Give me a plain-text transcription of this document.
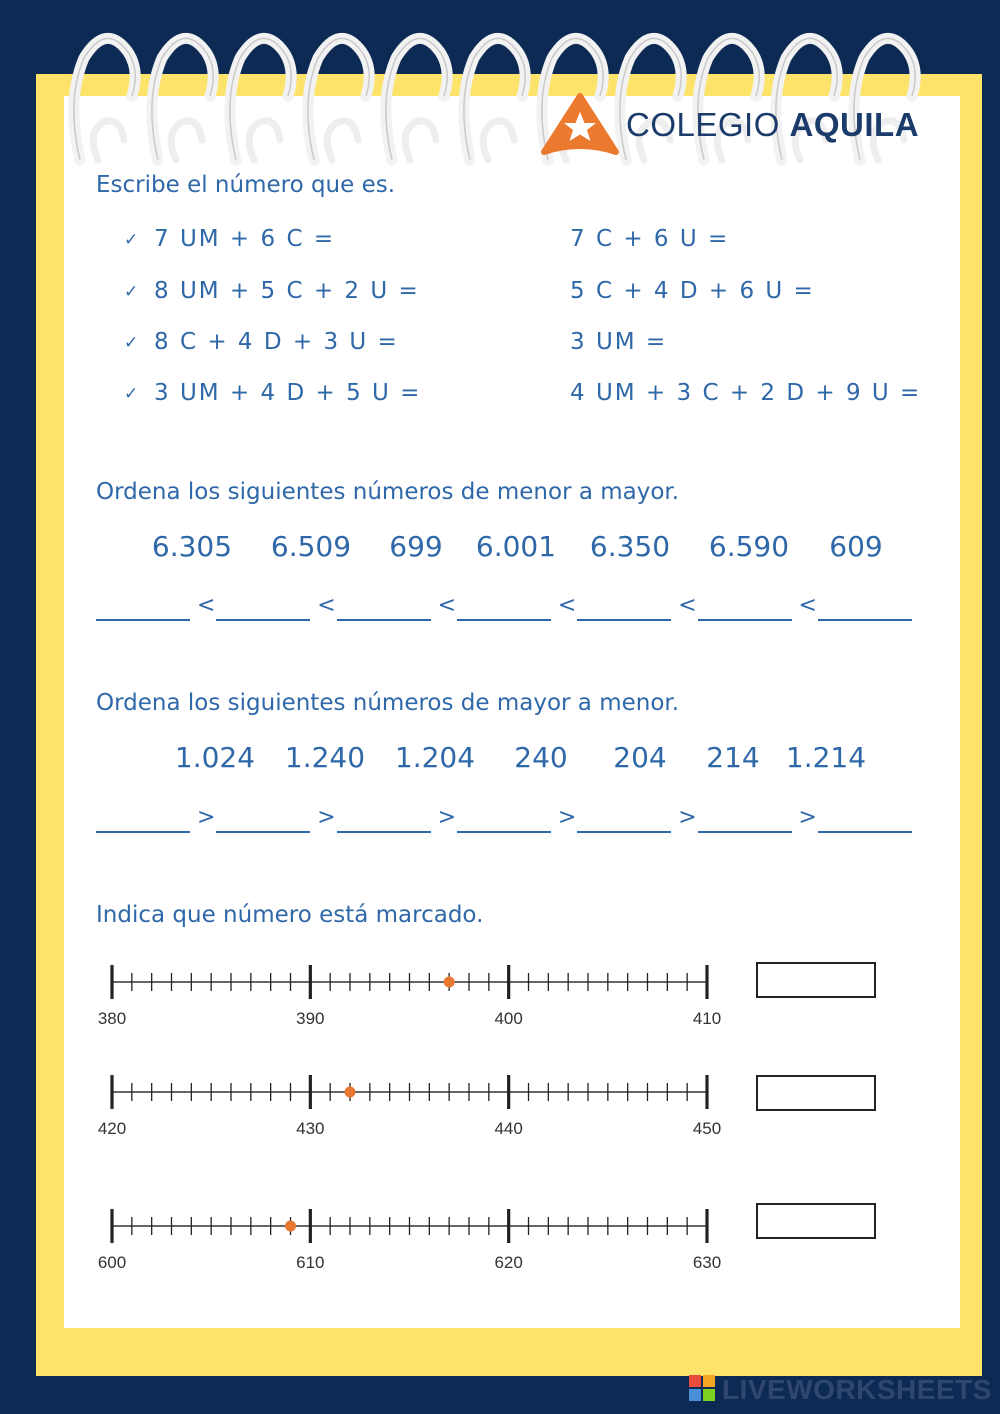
COLEGIO AQUILA
Escribe el número que es.
✓ 7 UM + 6 C =
✓ 8 UM + 5 C + 2 U =
✓ 8 C + 4 D + 3 U =
✓ 3 UM + 4 D + 5 U =
7 C + 6 U =
5 C + 4 D + 6 U =
3 UM =
4 UM + 3 C + 2 D + 9 U =
Ordena los siguientes números de menor a mayor.
6.305	6.509	699	6.001	6.350	6.590	609
<	<	<	<	<	<
Ordena los siguientes números de mayor a menor.
1.024	1.240	1.204	240	204	214 1.214
>	>	>	>	>	>
Indica que número está marcado.
380	390	400	410
420	430	440	450
600	610	620	630
LIVEWORKSHEETS
